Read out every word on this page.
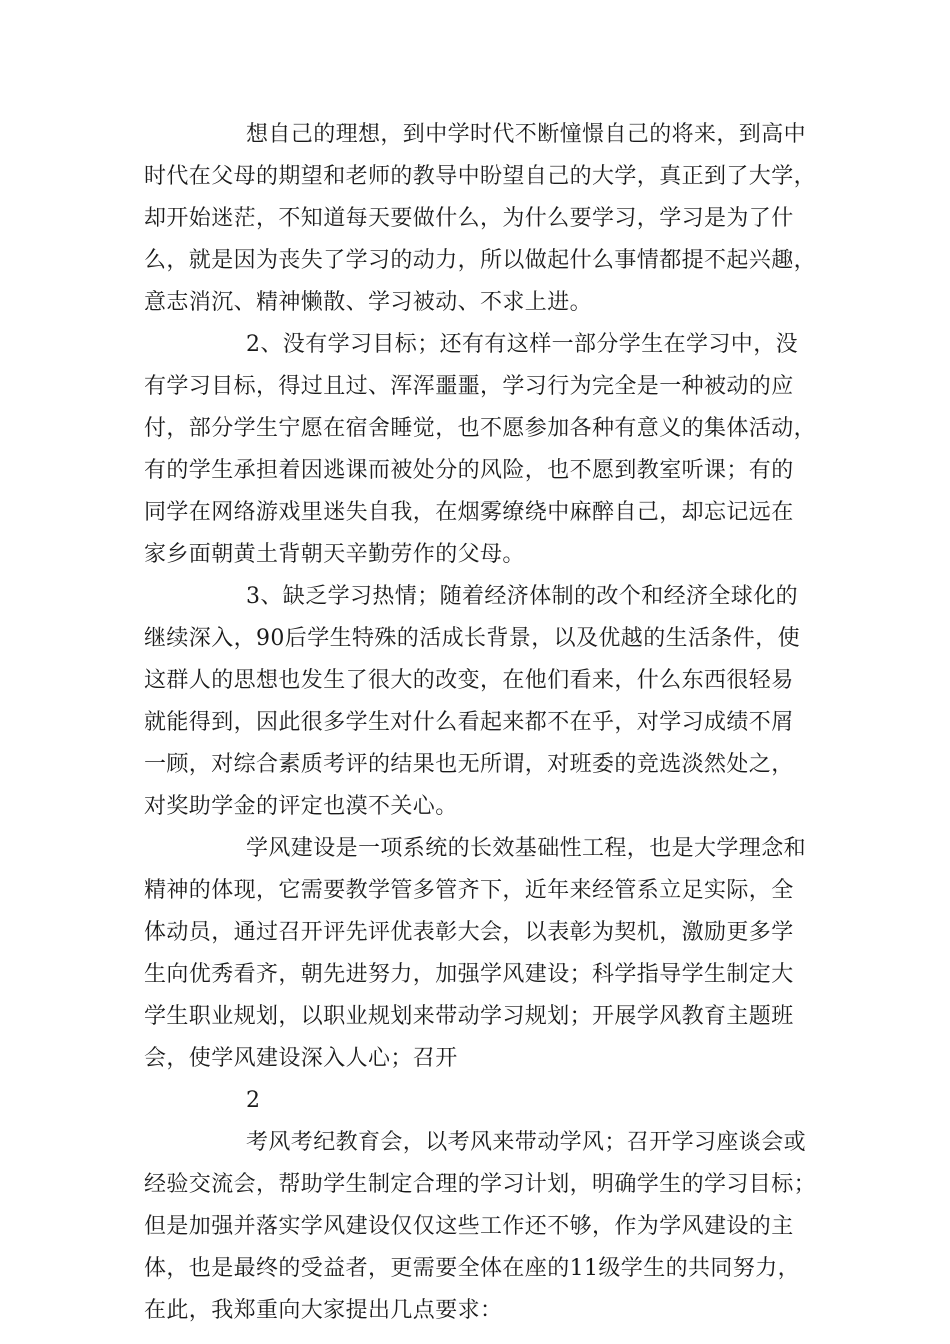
想自己的理想，到中学时代不断憧憬自己的将来，到高中
时代在父母的期望和老师的教导中盼望自己的大学，真正到了大学，
却开始迷茫，不知道每天要做什么，为什么要学习，学习是为了什
么，就是因为丧失了学习的动力，所以做起什么事情都提不起兴趣，
意志消沉、精神懒散、学习被动、不求上进。
2、没有学习目标；还有有这样一部分学生在学习中，没
有学习目标，得过且过、浑浑噩噩，学习行为完全是一种被动的应
付，部分学生宁愿在宿舍睡觉，也不愿参加各种有意义的集体活动，
有的学生承担着因逃课而被处分的风险，也不愿到教室听课；有的
同学在网络游戏里迷失自我，在烟雾缭绕中麻醉自己，却忘记远在
家乡面朝黄土背朝天辛勤劳作的父母。
3、缺乏学习热情；随着经济体制的改个和经济全球化的
继续深入，90后学生特殊的活成长背景，以及优越的生活条件，使
这群人的思想也发生了很大的改变，在他们看来，什么东西很轻易
就能得到，因此很多学生对什么看起来都不在乎，对学习成绩不屑
一顾，对综合素质考评的结果也无所谓，对班委的竞选淡然处之，
对奖助学金的评定也漠不关心。
学风建设是一项系统的长效基础性工程，也是大学理念和
精神的体现，它需要教学管多管齐下，近年来经管系立足实际，全
体动员，通过召开评先评优表彰大会，以表彰为契机，激励更多学
生向优秀看齐，朝先进努力，加强学风建设；科学指导学生制定大
学生职业规划，以职业规划来带动学习规划；开展学风教育主题班
会，使学风建设深入人心；召开
2
考风考纪教育会，以考风来带动学风；召开学习座谈会或
经验交流会，帮助学生制定合理的学习计划，明确学生的学习目标；
但是加强并落实学风建设仅仅这些工作还不够，作为学风建设的主
体，也是最终的受益者，更需要全体在座的11级学生的共同努力，
在此，我郑重向大家提出几点要求：
